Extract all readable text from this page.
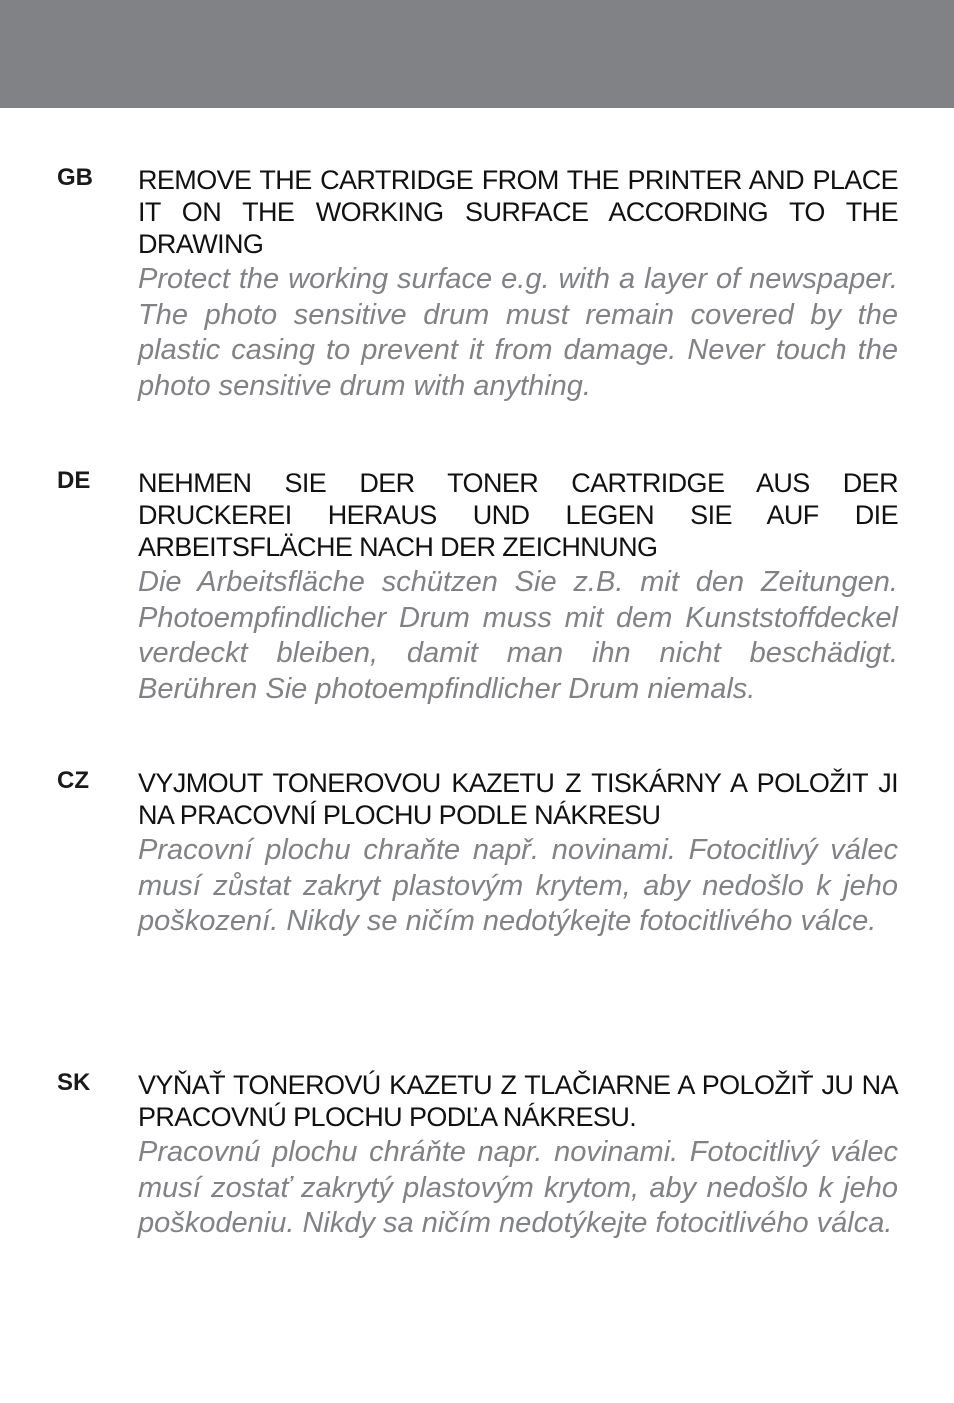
GB REMOVE THE CARTRIDGE FROM THE PRINTER AND PLACE IT ON THE WORKING SURFACE ACCORDING TO THE DRAWING

Protect the working surface e.g. with a layer of newspaper. The photo sensitive drum must remain covered by the plastic casing to prevent it from damage. Never touch the photo sensitive drum with anything.

DE NEHMEN SIE DER TONER CARTRIDGE AUS DER DRUCKEREI HERAUS UND LEGEN SIE AUF DIE ARBEITSFLÄCHE NACH DER ZEICHNUNG

Die Arbeitsfläche schützen Sie z.B. mit den Zeitungen. Photoempfindlicher Drum muss mit dem Kunststoffdeckel verdeckt bleiben, damit man ihn nicht beschädigt. Berühren Sie photoempfindlicher Drum niemals.

CZ VYJMOUT TONEROVOU KAZETU Z TISKÁRNY A POLOŽIT JI NA PRACOVNÍ PLOCHU PODLE NÁKRESU

Pracovní plochu chraňte např. novinami. Fotocitlivý válec musí zůstat zakryt plastovým krytem, aby nedošlo k jeho poškození. Nikdy se ničím nedotýkejte fotocitlivého válce.

SK VYŇAŤ TONEROVÚ KAZETU Z TLAČIARNE A POLOŽIŤ JU NA PRACOVNÚ PLOCHU PODĽA NÁKRESU.

Pracovnú plochu chráňte napr. novinami. Fotocitlivý válec musí zostať zakrytý plastovým krytom, aby nedošlo k jeho poškodeniu. Nikdy sa ničím nedotýkejte fotocitlivého válca.
